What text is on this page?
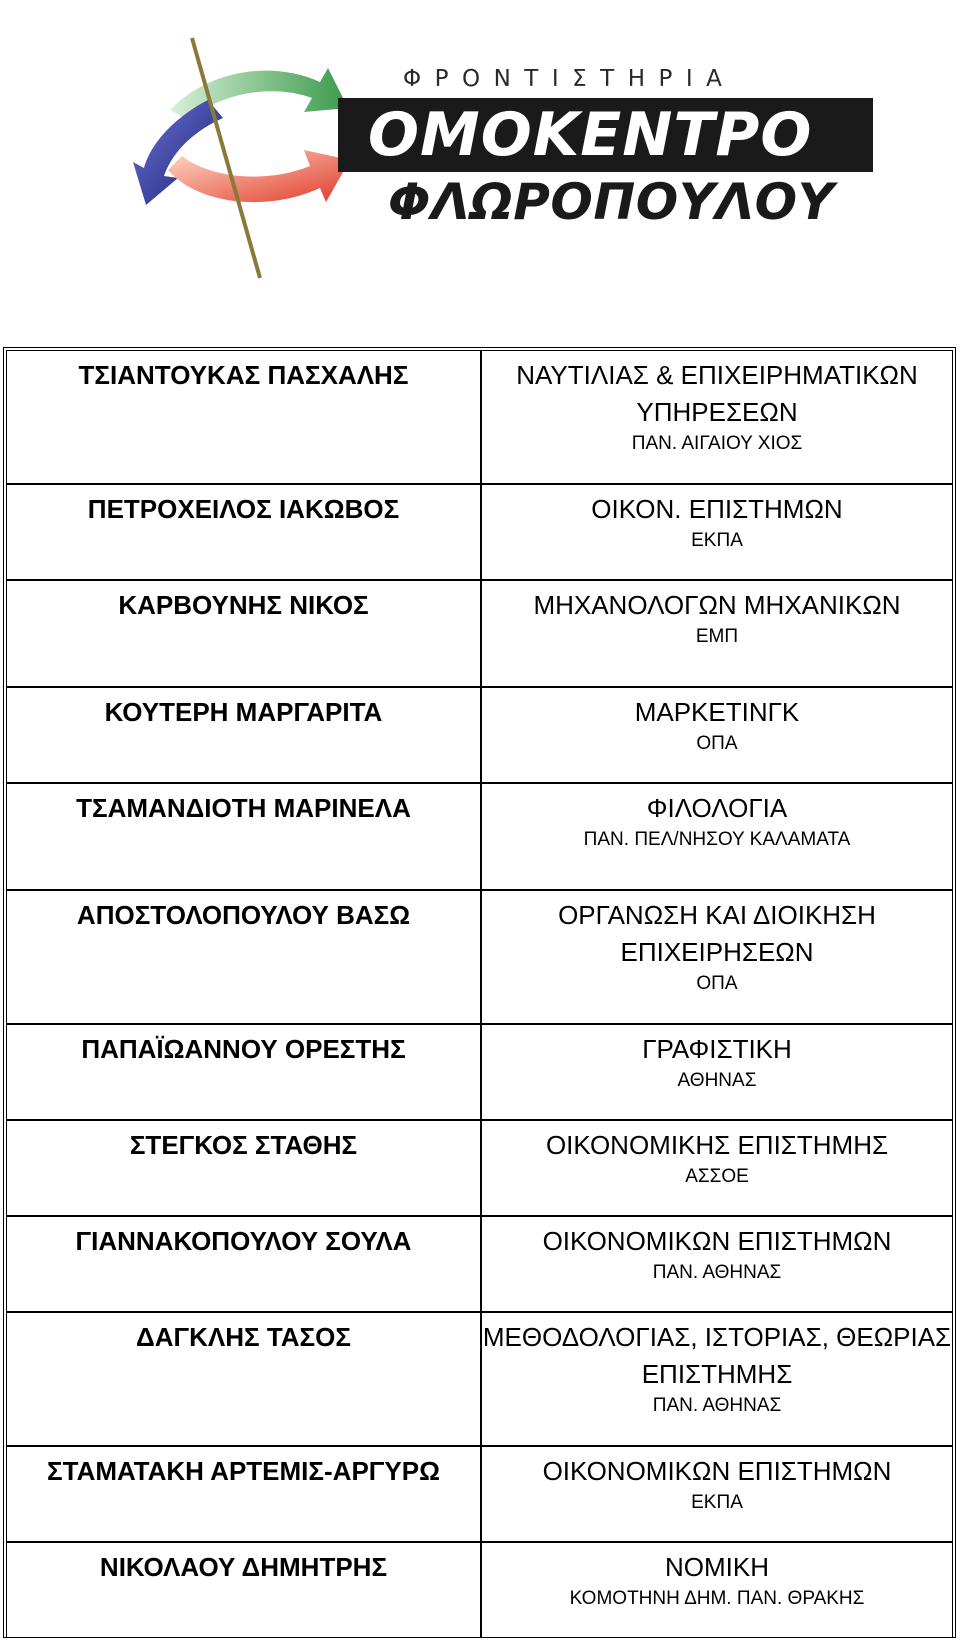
ΦΡΟΝΤΙΣΤΗΡΙΑ
ΟΜΟΚΕΝΤΡΟ
ΦΛΩΡΟΠΟΥΛΟΥ
ΤΣΙΑΝΤΟΥΚΑΣ ΠΑΣΧΑΛΗΣ	ΝΑΥΤΙΛΙΑΣ & ΕΠΙΧΕΙΡΗΜΑΤΙΚΩΝ ΥΠΗΡΕΣΕΩΝ
ΠΑΝ. ΑΙΓΑΙΟΥ ΧΙΟΣ

ΠΕΤΡΟΧΕΙΛΟΣ ΙΑΚΩΒΟΣ	ΟΙΚΟΝ. ΕΠΙΣΤΗΜΩΝ
ΕΚΠΑ

ΚΑΡΒΟΥΝΗΣ ΝΙΚΟΣ	ΜΗΧΑΝΟΛΟΓΩΝ ΜΗΧΑΝΙΚΩΝ
ΕΜΠ

ΚΟΥΤΕΡΗ ΜΑΡΓΑΡΙΤΑ	ΜΑΡΚΕΤΙΝΓΚ
ΟΠΑ

ΤΣΑΜΑΝΔΙΟΤΗ ΜΑΡΙΝΕΛΑ	ΦΙΛΟΛΟΓΙΑ
ΠΑΝ. ΠΕΛ/ΝΗΣΟΥ ΚΑΛΑΜΑΤΑ

ΑΠΟΣΤΟΛΟΠΟΥΛΟΥ ΒΑΣΩ	ΟΡΓΑΝΩΣΗ ΚΑΙ ΔΙΟΙΚΗΣΗ ΕΠΙΧΕΙΡΗΣΕΩΝ
ΟΠΑ

ΠΑΠΑΪΩΑΝΝΟΥ ΟΡΕΣΤΗΣ	ΓΡΑΦΙΣΤΙΚΗ
ΑΘΗΝΑΣ

ΣΤΕΓΚΟΣ ΣΤΑΘΗΣ	ΟΙΚΟΝΟΜΙΚΗΣ ΕΠΙΣΤΗΜΗΣ
ΑΣΣΟΕ

ΓΙΑΝΝΑΚΟΠΟΥΛΟΥ ΣΟΥΛΑ	ΟΙΚΟΝΟΜΙΚΩΝ ΕΠΙΣΤΗΜΩΝ
ΠΑΝ. ΑΘΗΝΑΣ

ΔΑΓΚΛΗΣ ΤΑΣΟΣ	ΜΕΘΟΔΟΛΟΓΙΑΣ, ΙΣΤΟΡΙΑΣ, ΘΕΩΡΙΑΣ ΕΠΙΣΤΗΜΗΣ
ΠΑΝ. ΑΘΗΝΑΣ

ΣΤΑΜΑΤΑΚΗ ΑΡΤΕΜΙΣ-ΑΡΓΥΡΩ	ΟΙΚΟΝΟΜΙΚΩΝ ΕΠΙΣΤΗΜΩΝ
ΕΚΠΑ

ΝΙΚΟΛΑΟΥ ΔΗΜΗΤΡΗΣ	ΝΟΜΙΚΗ
ΚΟΜΟΤΗΝΗ ΔΗΜ. ΠΑΝ. ΘΡΑΚΗΣ
